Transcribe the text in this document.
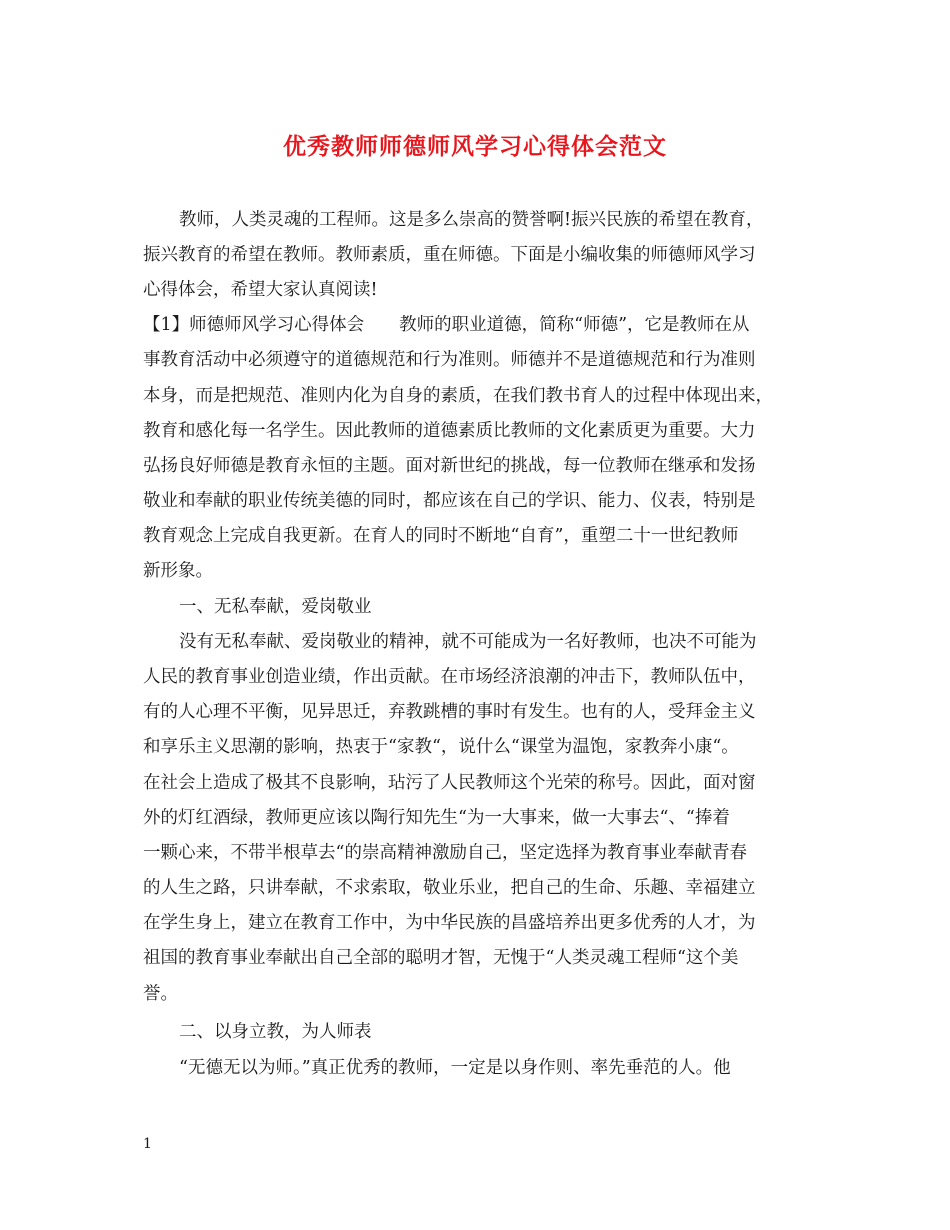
优秀教师师德师风学习心得体会范文
教师，人类灵魂的工程师。这是多么崇高的赞誉啊!振兴民族的希望在教育，
振兴教育的希望在教师。教师素质，重在师德。下面是小编收集的师德师风学习
心得体会，希望大家认真阅读!
【1】师德师风学习心得体会　　教师的职业道德，简称“师德”，它是教师在从
事教育活动中必须遵守的道德规范和行为准则。师德并不是道德规范和行为准则
本身，而是把规范、准则内化为自身的素质，在我们教书育人的过程中体现出来，
教育和感化每一名学生。因此教师的道德素质比教师的文化素质更为重要。大力
弘扬良好师德是教育永恒的主题。面对新世纪的挑战，每一位教师在继承和发扬
敬业和奉献的职业传统美德的同时，都应该在自己的学识、能力、仪表，特别是
教育观念上完成自我更新。在育人的同时不断地“自育”，重塑二十一世纪教师
新形象。
一、无私奉献，爱岗敬业
没有无私奉献、爱岗敬业的精神，就不可能成为一名好教师，也决不可能为
人民的教育事业创造业绩，作出贡献。在市场经济浪潮的冲击下，教师队伍中，
有的人心理不平衡，见异思迁，弃教跳槽的事时有发生。也有的人，受拜金主义
和享乐主义思潮的影响，热衷于“家教“，说什么“课堂为温饱，家教奔小康“。
在社会上造成了极其不良影响，玷污了人民教师这个光荣的称号。因此，面对窗
外的灯红酒绿，教师更应该以陶行知先生“为一大事来，做一大事去“、“捧着
一颗心来，不带半根草去“的崇高精神激励自己，坚定选择为教育事业奉献青春
的人生之路，只讲奉献，不求索取，敬业乐业，把自己的生命、乐趣、幸福建立
在学生身上，建立在教育工作中，为中华民族的昌盛培养出更多优秀的人才，为
祖国的教育事业奉献出自己全部的聪明才智，无愧于“人类灵魂工程师“这个美
誉。
二、以身立教，为人师表
“无德无以为师。”真正优秀的教师，一定是以身作则、率先垂范的人。他
1
